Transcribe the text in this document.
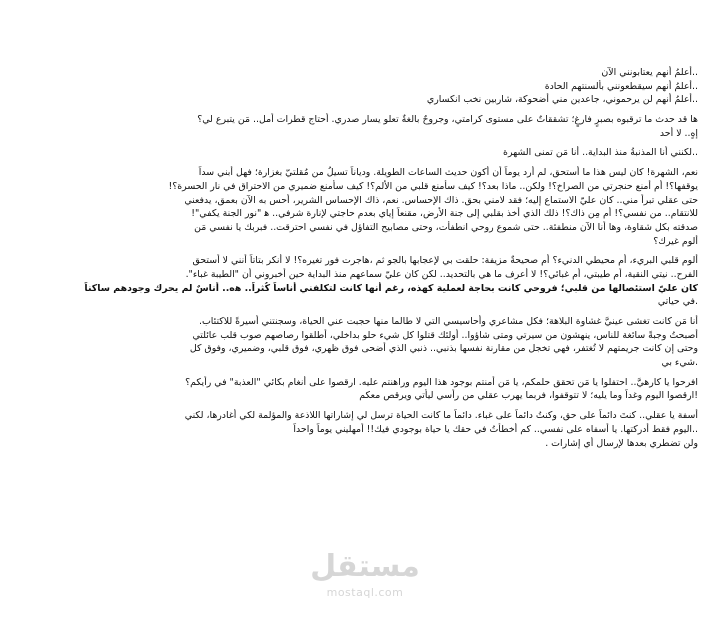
..أعلمُ أنهم يعتابونني الآن
..أعلمُ أنهم سيقطعونني بألسنتهم الحادة
..أعلمُ أنهم لن يرحموني، جاعدين مني أضحوكة، شاربين نخب انكساري
ها قد حدث ما ترقبوه بصبرٍ فارغٍ؛ تشققاتٌ على مستوى كرامتي، وجروحٌ بالغةٌ تعلو يسار صدري. أحتاج قطرات أمل.. مَن يتبرع لي؟
إهٍ.. لا أحد
..لكنني أنا المذنبةُ منذ البداية.. أنا مَن تمنى الشهرة
نعم، الشهرة! كان ليس هذا ما أستحق، لم أرد يوماً أن أكون حديث الساعات الطويلة. ودياناً تسيلُ من مُقلتيّ بغزارة؛ فهل أبني سداً
يوقفها؟! أم أمنع حنجرتي من الصراخ؟! ولكن.. ماذا بعد؟! كيف سأمنع قلبي من الألم؟! كيف سأمنع ضميري من الاحتراق في نار الحسرة؟!
حتى عقلي تبرأ مني.. كان عليّ الاستماع إليه؛ فقد لامني بحق. ذاك الإحساس. نعم، ذاك الإحساس الشرير، أحس به الآن بعمق، يدفعني
للانتقام.. من نفسي؟! أم مِن ذاك؟! ذلك الذي أخذ بقلبي إلى جنة الأرض، مقنعاً إياي بعدم حاجتي لإنارة شرفي.. ﻫ "نور الجنة يكفي"!
صدقته بكل شقاوة، وها أنا الآن منطفئة.. حتى شموع روحي انطفأت، وحتى مصابيح التفاؤل في نفسي احترقت.. فبربك يا نفسي مَن
ألوم غيرك؟
ألوم قلبي البريء، أم محيطي الدنيء؟ أم صحيحةٌ مزيفة: حلقت بي لإعجابها بالجو ثم ،هاجرت فور تغيره؟! لا أنكر بتاتاً أنني لا أستحق
الفرح.. نيتي النقية، أم طيبتي، أم غبائي؟! لا أعرف ما هي بالتحديد.. لكن كان عليّ سماعهم منذ البداية حين أخبروني أن "الطيبة غباء".
كان عليّ استئصالها من قلبي؛ فروحي كانت بحاجة لعملية كهذه، رغم أنها كانت لتكلفني أناساً كُثراً.. ﻫه.. أناسٌ لم يحرك وجودهم ساكناً
.في حياتي
أنا مَن كانت تغشى عينيَّ غشاوة البلاهة؛ فكل مشاعري وأحاسيسي التي لا طالما منها حجبت عني الحياة، وسجنتني أسيرةً للاكتئاب.
أصبحتُ وجبةً سائغة للناس، ينهشون من سيرتي ومتى شاؤوا.. أولئك قتلوا كل شيء حلو بداخلي، أطلقوا رصاصهم صوب قلب عائلتي
وحتى إن كانت جريمتهم لا تُغتفر، فهي تخجل من مقارنة نفسها بذنبي.. ذنبي الذي أضحى فوق ظهري، فوق قلبي، وضميري، وفوق كل
.شيء بي
افرحوا يا كارهيَّ.. احتفلوا يا مَن تحقق حلمكم، يا مَن أمنتم بوجود هذا اليوم وراهنتم عليه. ارقصوا على أنغام بكائي "العذبة" في رأيكم؟
!ارقصوا اليوم وغداً وما يليه؛ لا تتوقفوا، فربما يهرب عقلي من رأسي ليأتي ويرقص معكم
أسفة يا عقلي.. كنتَ دائماً على حق، وكنتُ دائماً على غباء. دائماً ما كانت الحياة ترسل لي إشاراتها اللاذعة والمؤلمة لكي أغادرها، لكني
..اليوم فقط أدركتها. يا أسفاه على نفسي.. كم أخطأتُ في حقك يا حياة بوجودي فيك!! أمهليني يوماً واحداً
ولن تضطري بعدها لإرسال أي إشارات .
مستقل
mostaql.com
